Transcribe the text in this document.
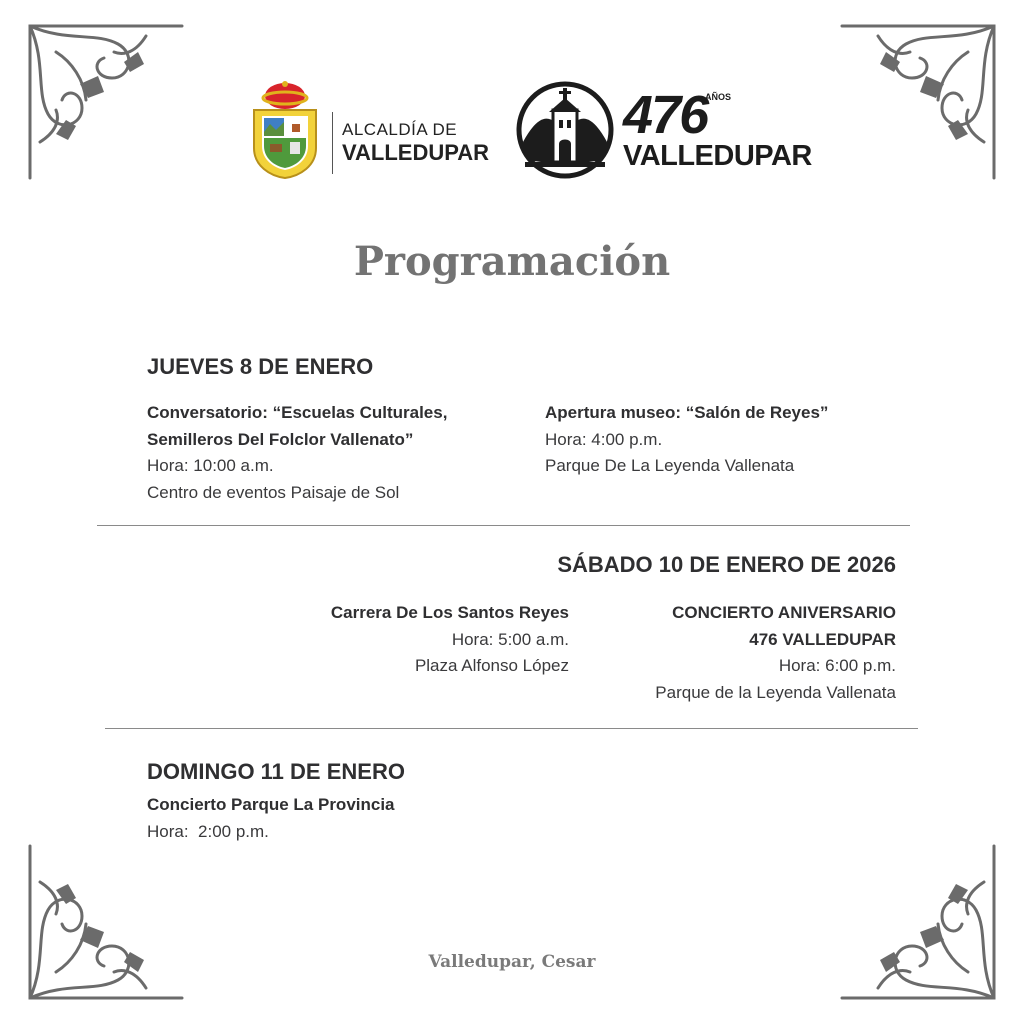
ALCALDÍA DE
VALLEDUPAR
476
AÑOS
VALLEDUPAR
Programación
JUEVES 8 DE ENERO
Conversatorio: “Escuelas Culturales,
Semilleros Del Folclor Vallenato”
Hora: 10:00 a.m.
Centro de eventos Paisaje de Sol
Apertura museo: “Salón de Reyes”
Hora: 4:00 p.m.
Parque De La Leyenda Vallenata
SÁBADO 10 DE ENERO DE 2026
Carrera De Los Santos Reyes
Hora: 5:00 a.m.
Plaza Alfonso López
CONCIERTO ANIVERSARIO
476 VALLEDUPAR
Hora: 6:00 p.m.
Parque de la Leyenda Vallenata
DOMINGO 11 DE ENERO
Concierto Parque La Provincia
Hora:  2:00 p.m.
Valledupar, Cesar
